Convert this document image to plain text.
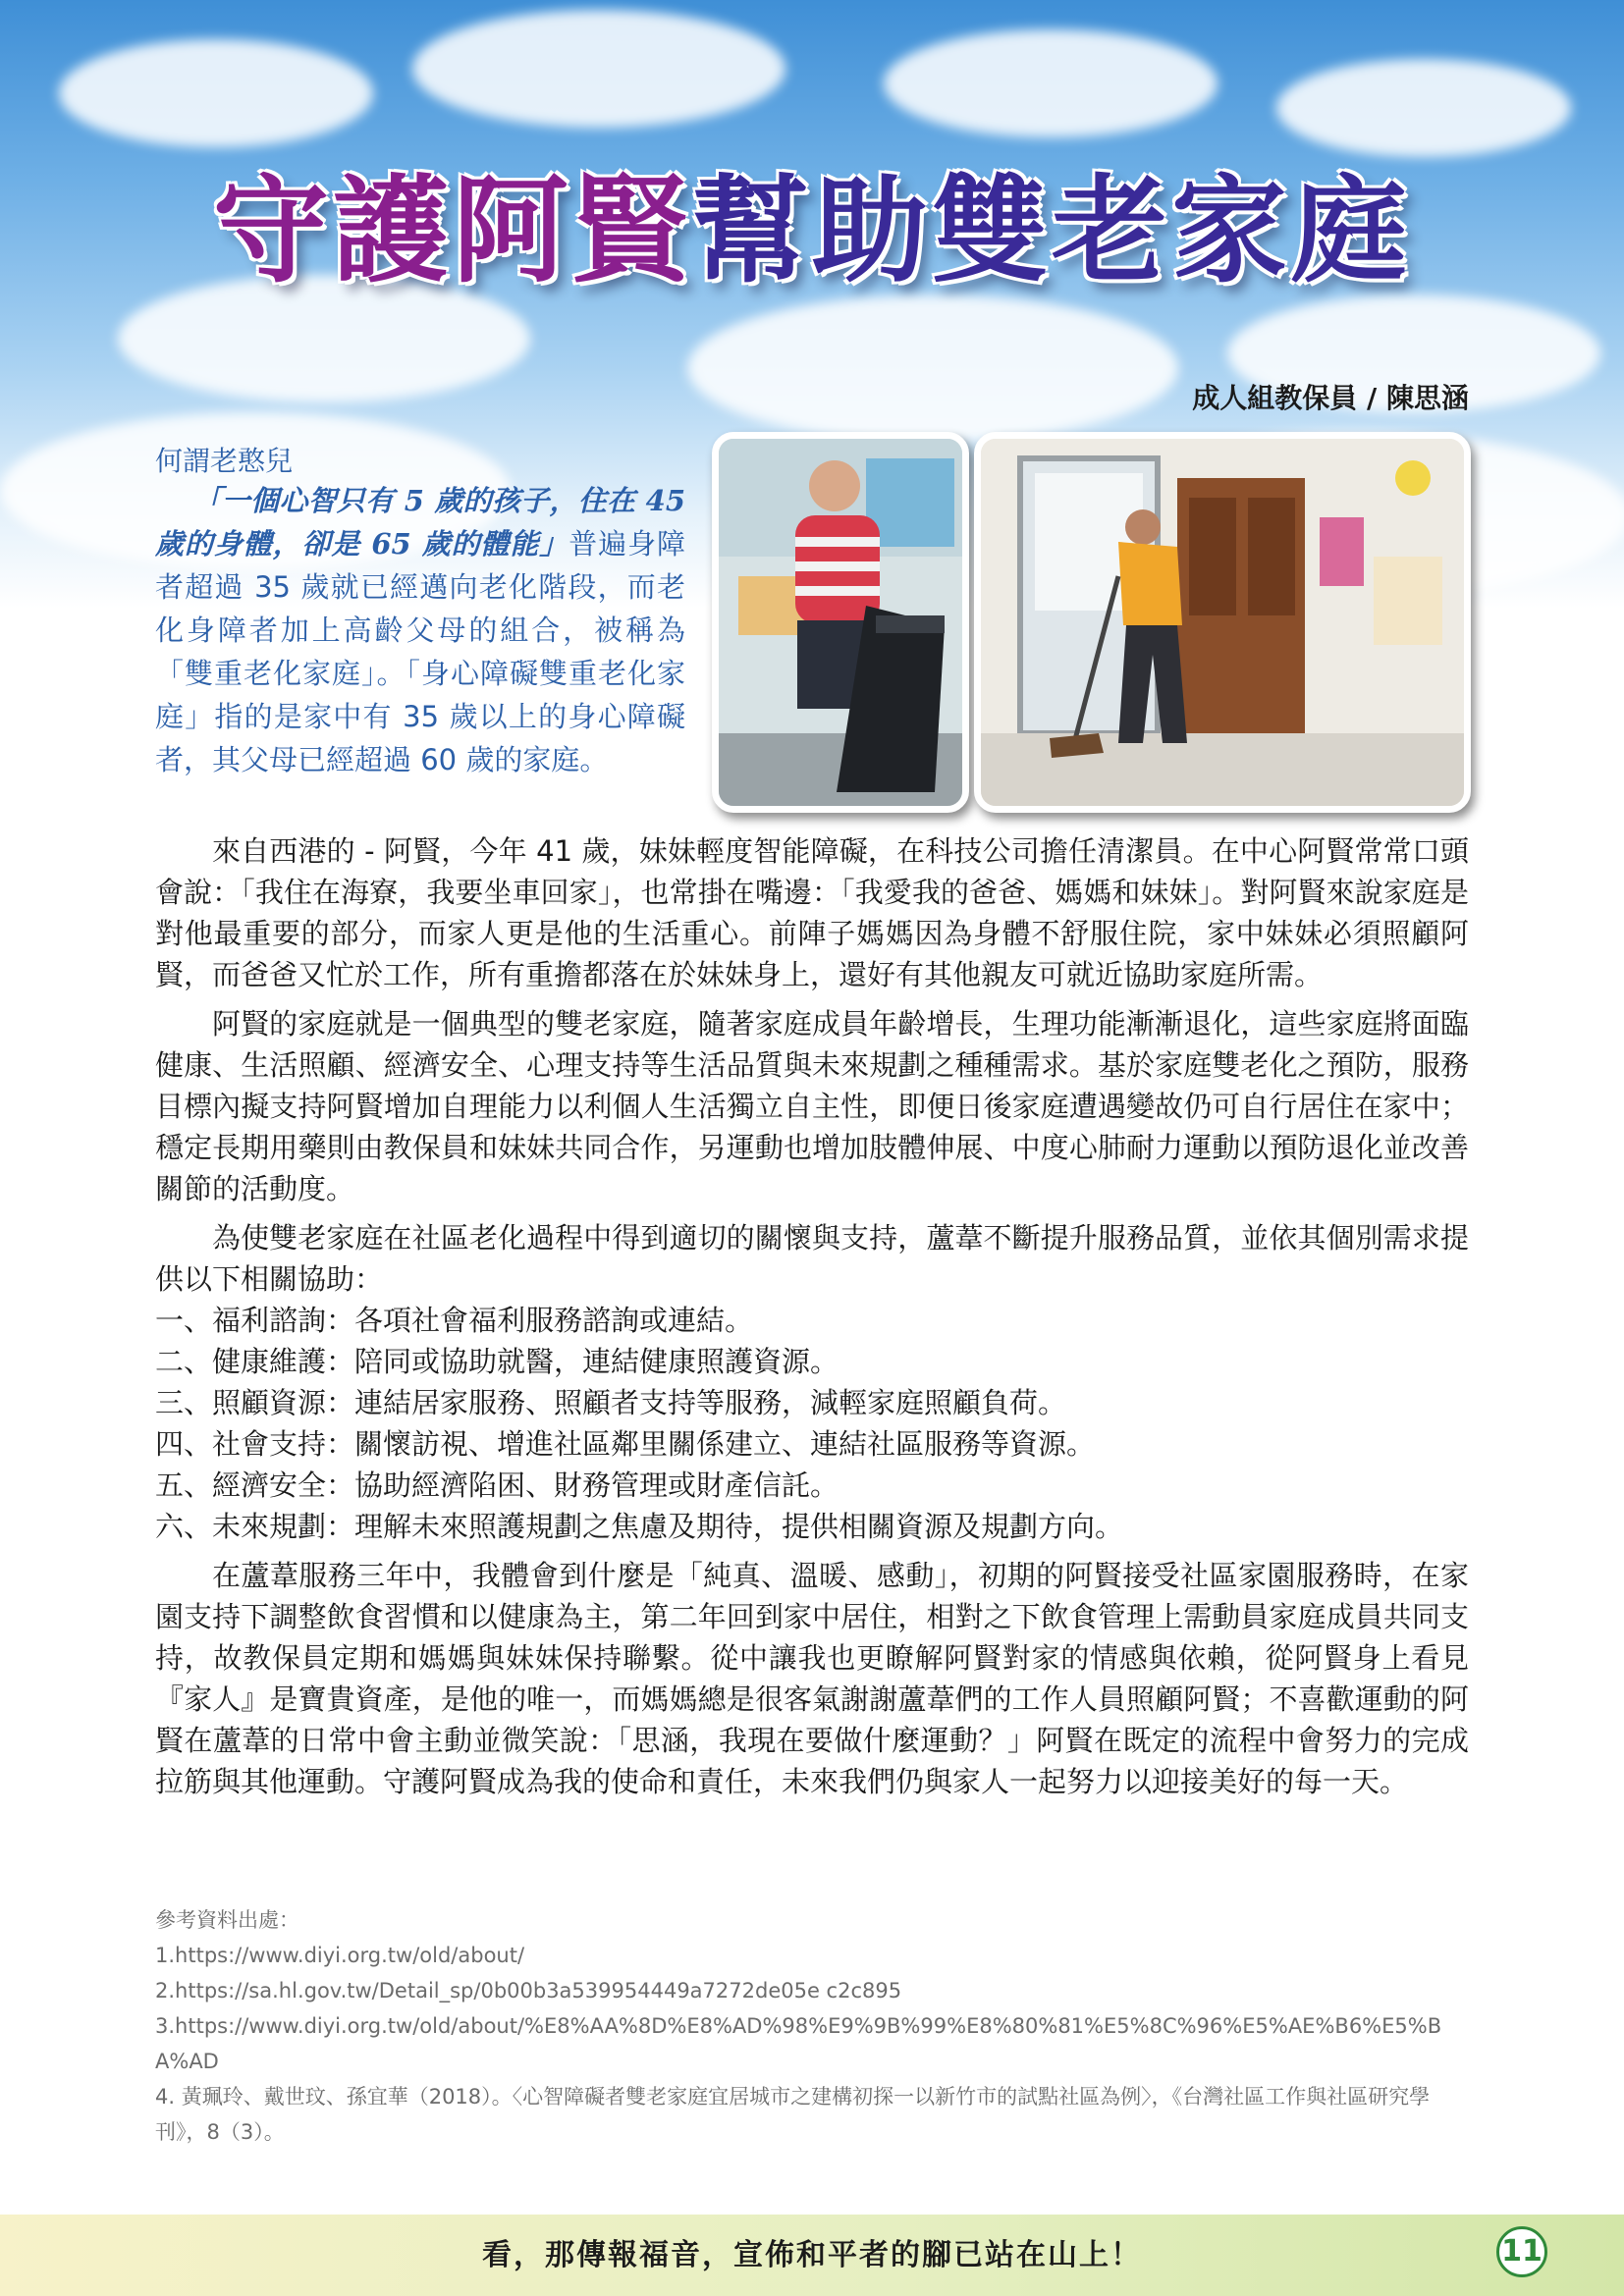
守護阿賢幫助雙老家庭
成人組教保員 / 陳思涵
何謂老憨兒
  「一個心智只有 5 歲的孩子，住在 45 歲的身體，卻是 65 歲的體能」普遍身障者超過 35 歲就已經邁向老化階段，而老化身障者加上高齡父母的組合，被稱為「雙重老化家庭」。「身心障礙雙重老化家庭」指的是家中有 35 歲以上的身心障礙者，其父母已經超過 60 歲的家庭。

來自西港的 - 阿賢，今年 41 歲，妹妹輕度智能障礙，在科技公司擔任清潔員。在中心阿賢常常口頭會說：「我住在海寮，我要坐車回家」，也常掛在嘴邊：「我愛我的爸爸、媽媽和妹妹」。對阿賢來說家庭是對他最重要的部分，而家人更是他的生活重心。前陣子媽媽因為身體不舒服住院，家中妹妹必須照顧阿賢，而爸爸又忙於工作，所有重擔都落在於妹妹身上，還好有其他親友可就近協助家庭所需。

阿賢的家庭就是一個典型的雙老家庭，隨著家庭成員年齡增長，生理功能漸漸退化，這些家庭將面臨健康、生活照顧、經濟安全、心理支持等生活品質與未來規劃之種種需求。基於家庭雙老化之預防，服務目標內擬支持阿賢增加自理能力以利個人生活獨立自主性，即便日後家庭遭遇變故仍可自行居住在家中；穩定長期用藥則由教保員和妹妹共同合作，另運動也增加肢體伸展、中度心肺耐力運動以預防退化並改善關節的活動度。

為使雙老家庭在社區老化過程中得到適切的關懷與支持，蘆葦不斷提升服務品質，並依其個別需求提供以下相關協助：

一、福利諮詢：各項社會福利服務諮詢或連結。

二、健康維護：陪同或協助就醫，連結健康照護資源。

三、照顧資源：連結居家服務、照顧者支持等服務，減輕家庭照顧負荷。

四、社會支持：關懷訪視、增進社區鄰里關係建立、連結社區服務等資源。

五、經濟安全：協助經濟陷困、財務管理或財產信託。

六、未來規劃：理解未來照護規劃之焦慮及期待，提供相關資源及規劃方向。

在蘆葦服務三年中，我體會到什麼是「純真、溫暖、感動」，初期的阿賢接受社區家園服務時，在家園支持下調整飲食習慣和以健康為主，第二年回到家中居住，相對之下飲食管理上需動員家庭成員共同支持，故教保員定期和媽媽與妹妹保持聯繫。從中讓我也更瞭解阿賢對家的情感與依賴，從阿賢身上看見『家人』是寶貴資產，是他的唯一，而媽媽總是很客氣謝謝蘆葦們的工作人員照顧阿賢；不喜歡運動的阿賢在蘆葦的日常中會主動並微笑說：「思涵，我現在要做什麼運動？」阿賢在既定的流程中會努力的完成拉筋與其他運動。守護阿賢成為我的使命和責任，未來我們仍與家人一起努力以迎接美好的每一天。

參考資料出處：
1.https://www.diyi.org.tw/old/about/
2.https://sa.hl.gov.tw/Detail_sp/0b00b3a539954449a7272de05e c2c895
3.https://www.diyi.org.tw/old/about/%E8%AA%8D%E8%AD%98%E9%9B%99%E8%80%81%E5%8C%96%E5%AE%B6%E5%BA%AD
4. 黃珮玲、戴世玟、孫宜華（2018）。〈心智障礙者雙老家庭宜居城市之建構初探一以新竹市的試點社區為例〉，《台灣社區工作與社區研究學刊》，8（3）。
看，那傳報福音，宣佈和平者的腳已站在山上！	11
